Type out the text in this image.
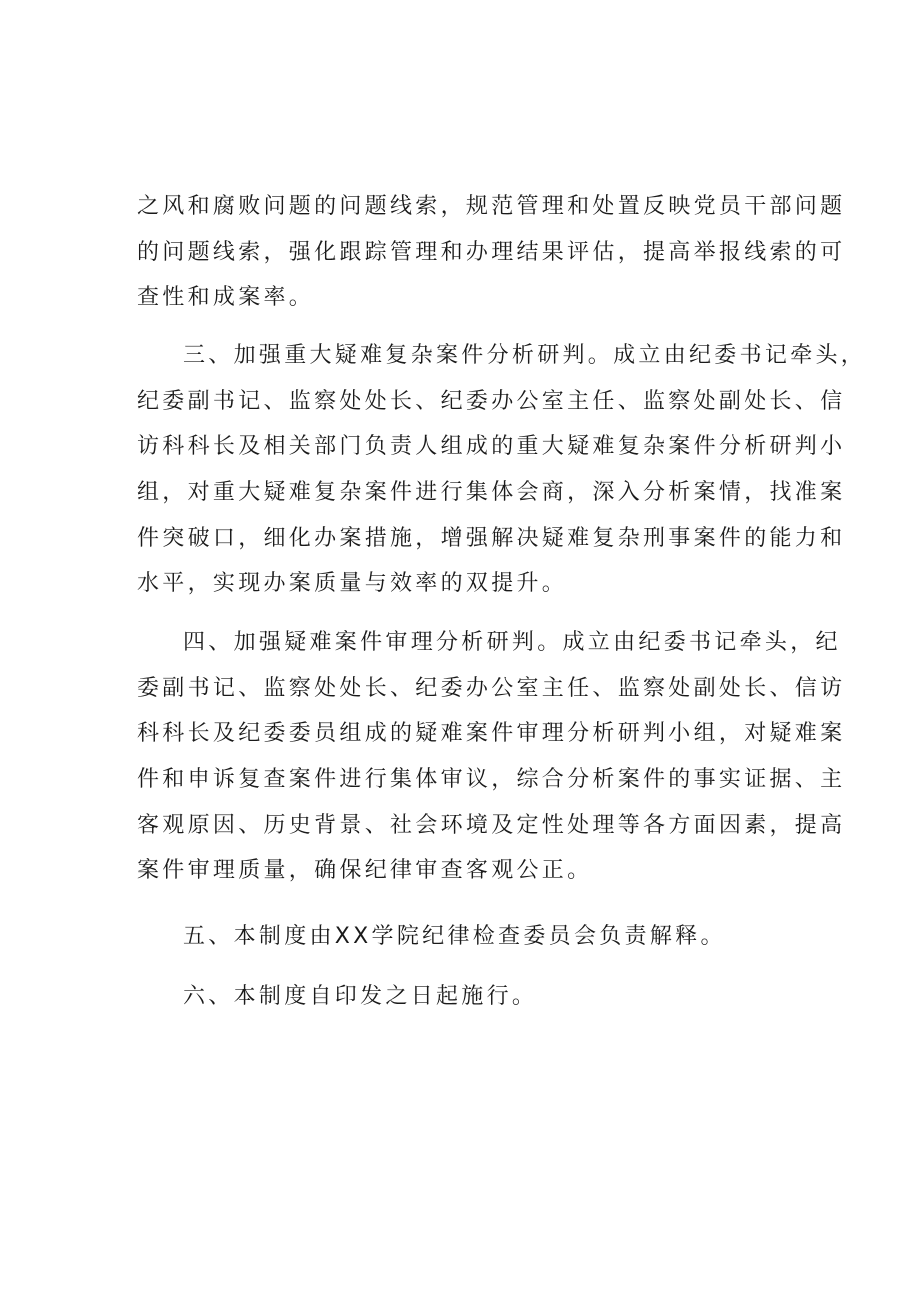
之风和腐败问题的问题线索，规范管理和处置反映党员干部问题
的问题线索，强化跟踪管理和办理结果评估，提高举报线索的可
查性和成案率。
三、加强重大疑难复杂案件分析研判。成立由纪委书记牵头，
纪委副书记、监察处处长、纪委办公室主任、监察处副处长、信
访科科长及相关部门负责人组成的重大疑难复杂案件分析研判小
组，对重大疑难复杂案件进行集体会商，深入分析案情，找准案
件突破口，细化办案措施，增强解决疑难复杂刑事案件的能力和
水平，实现办案质量与效率的双提升。
四、加强疑难案件审理分析研判。成立由纪委书记牵头，纪
委副书记、监察处处长、纪委办公室主任、监察处副处长、信访
科科长及纪委委员组成的疑难案件审理分析研判小组，对疑难案
件和申诉复查案件进行集体审议，综合分析案件的事实证据、主
客观原因、历史背景、社会环境及定性处理等各方面因素，提高
案件审理质量，确保纪律审查客观公正。
五、本制度由XX学院纪律检查委员会负责解释。
六、本制度自印发之日起施行。
